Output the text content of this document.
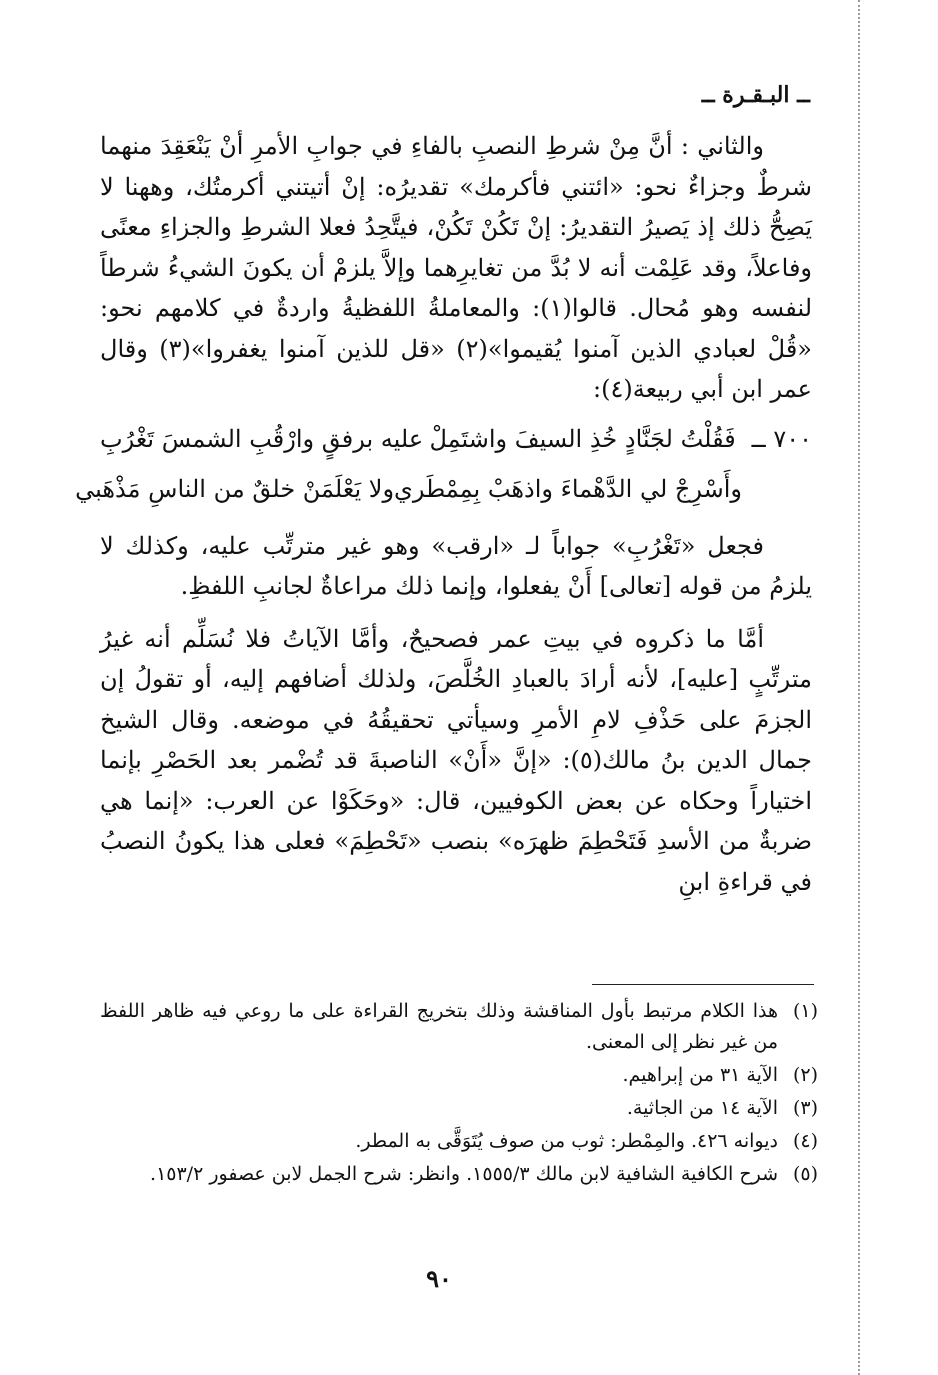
ــ البـقـرة ــ

والثاني : أنَّ مِنْ شرطِ النصبِ بالفاءِ في جوابِ الأمرِ أنْ يَنْعَقِدَ منهما شرطٌ وجزاءٌ نحو: «ائتني فأكرمك» تقديرُه: إنْ أتيتني أكرمتُك، وههنا لا يَصِحُّ ذلك إذ يَصيرُ التقديرُ: إنْ تَكُنْ تَكُنْ، فيتَّحِدُ فعلا الشرطِ والجزاءِ معنًى وفاعلاً، وقد عَلِمْت أنه لا بُدَّ من تغايرِهما وإلاَّ يلزمْ أن يكونَ الشيءُ شرطاً لنفسه وهو مُحال. قالوا(١): والمعاملةُ اللفظيةُ واردةٌ في كلامهم نحو: «قُلْ لعبادي الذين آمنوا يُقيموا»(٢) «قل للذين آمنوا يغفروا»(٣) وقال عمر ابن أبي ربيعة(٤):

٧٠٠ ــ
فَقُلْتُ لجَنَّادٍ خُذِ السيفَ واشتَمِلْ
عليه برفقٍ وارْقُبِ الشمسَ تَغْرُبِ
وأَسْرِجْ لي الدَّهْماءَ واذهَبْ بِمِمْطَري
ولا يَعْلَمَنْ خلقٌ من الناسِ مَذْهَبي

فجعل «تَغْرُبِ» جواباً لـ «ارقب» وهو غير مترتِّب عليه، وكذلك لا يلزمُ من قوله [تعالى] أَنْ يفعلوا، وإنما ذلك مراعاةٌ لجانبِ اللفظِ.

أمَّا ما ذكروه في بيتِ عمر فصحيحٌ، وأمَّا الآياتُ فلا نُسَلِّم أنه غيرُ مترتِّبٍ [عليه]، لأنه أرادَ بالعبادِ الخُلَّصَ، ولذلك أضافهم إليه، أو تقولُ إن الجزمَ على حَذْفِ لامِ الأمرِ وسيأتي تحقيقُهُ في موضعه. وقال الشيخ جمال الدين بنُ مالك(٥): «إنَّ «أَنْ» الناصبةَ قد تُضْمر بعد الحَصْرِ بإنما اختياراً وحكاه عن بعض الكوفيين، قال: «وحَكَوْا عن العرب: «إنما هي ضربةٌ من الأسدِ فَتَحْطِمَ ظهرَه» بنصب «تَحْطِمَ» فعلى هذا يكونُ النصبُ في قراءةِ ابنِ

(١)
هذا الكلام مرتبط بأول المناقشة وذلك بتخريج القراءة على ما روعي فيه ظاهر اللفظ من غير نظر إلى المعنى.
(٢)
الآية ٣١ من إبراهيم.
(٣)
الآية ١٤ من الجاثية.
(٤)
ديوانه ٤٢٦. والمِمْطر: ثوب من صوف يُتَوَقَّى به المطر.
(٥)
شرح الكافية الشافية لابن مالك ١٥٥٥/٣. وانظر: شرح الجمل لابن عصفور ١٥٣/٢.
٩٠
